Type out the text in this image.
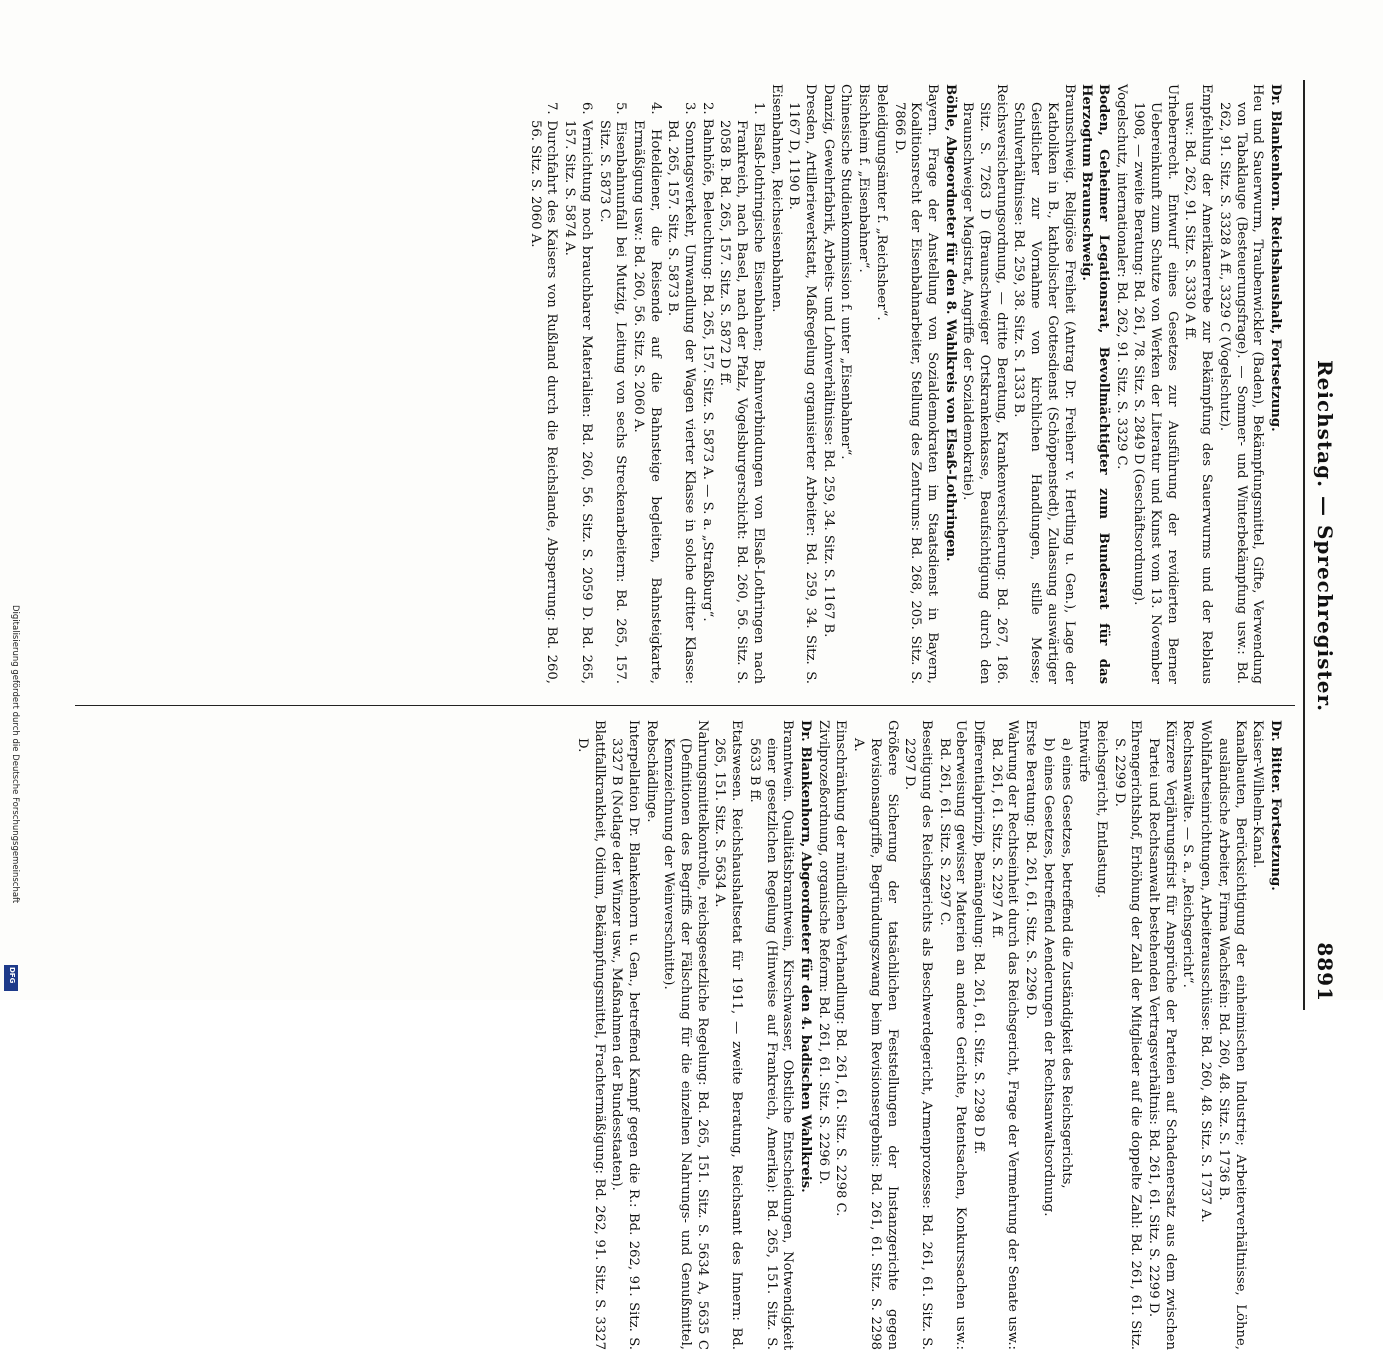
Reichstag. — Sprechregister.
8891
Dr. Blankenhorn. Reichshaushalt, Fortsetzung.
Heu und Sauerwurm, Traubenwickler (Baden), Bekämpfungsmittel, Gifte, Verwendung von Tabaklauge (Besteuerungsfrage). — Sommer- und Winterbekämpfung usw.: Bd. 262, 91. Sitz. S. 3328 A ff., 3329 C (Vogelschutz).
Empfehlung der Amerikanerrebe zur Bekämpfung des Sauerwurms und der Reblaus usw.: Bd. 262, 91. Sitz. S. 3330 A ff.
Urheberrecht. Entwurf eines Gesetzes zur Ausführung der revidierten Berner Uebereinkunft zum Schutze von Werken der Literatur und Kunst vom 13. November 1908, — zweite Beratung: Bd. 261, 78. Sitz. S. 2849 D (Geschäftsordnung).
Vogelschutz, internationaler: Bd. 262, 91. Sitz. S. 3329 C.
Boden, Geheimer Legationsrat, Bevollmächtigter zum Bundesrat für das Herzogtum Braunschweig.
Braunschweig. Religiöse Freiheit (Antrag Dr. Freiherr v. Hertling u. Gen.), Lage der Katholiken in B., katholischer Gottesdienst (Schöppenstedt), Zulassung auswärtiger Geistlicher zur Vornahme von kirchlichen Handlungen, stille Messe; Schulverhältnisse: Bd. 259, 38. Sitz. S. 1333 B.
Reichsversicherungsordnung, — dritte Beratung, Krankenversicherung: Bd. 267, 186. Sitz. S. 7263 D (Braunschweiger Ortskrankenkasse, Beaufsichtigung durch den Braunschweiger Magistrat, Angriffe der Sozialdemokratie).
Böhle, Abgeordneter für den 8. Wahlkreis von Elsaß-Lothringen.
Bayern. Frage der Anstellung von Sozialdemokraten im Staatsdienst in Bayern, Koalitionsrecht der Eisenbahnarbeiter, Stellung des Zentrums: Bd. 268, 205. Sitz. S. 7866 D.
Beleidigungsämter f. „Reichsheer“.
Bischheim f. „Eisenbahner“.
Chinesische Studienkommission f. unter „Eisenbahner“.
Danzig, Gewehrfabrik, Arbeits- und Lohnverhältnisse: Bd. 259, 34. Sitz. S. 1167 B.
Dresden, Artilleriewerkstatt, Maßregelung organisierter Arbeiter: Bd. 259, 34. Sitz. S. 1167 D, 1190 B.
Eisenbahnen, Reichseisenbahnen.
1. Elsaß-lothringische Eisenbahnen; Bahnverbindungen von Elsaß-Lothringen nach Frankreich, nach Basel, nach der Pfalz, Vogelsburgerschicht: Bd. 260, 56. Sitz. S. 2058 B. Bd. 265, 157. Sitz. S. 5872 D ff.
2. Bahnhöfe, Beleuchtung: Bd. 265, 157. Sitz. S. 5873 A. — S. a. „Straßburg“.
3. Sonntagsverkehr, Umwandlung der Wagen vierter Klasse in solche dritter Klasse: Bd. 265, 157. Sitz. S. 5873 B.
4. Hoteldiener, die Reisende auf die Bahnsteige begleiten, Bahnsteigkarte, Ermäßigung usw.: Bd. 260, 56. Sitz. S. 2060 A.
5. Eisenbahnunfall bei Mutzig, Leitung von sechs Streckenarbeitern: Bd. 265, 157. Sitz. S. 5873 C.
6. Vernichtung noch brauchbarer Materialien: Bd. 260, 56. Sitz. S. 2059 D. Bd. 265, 157. Sitz. S. 5874 A.
7. Durchfahrt des Kaisers von Rußland durch die Reichslande, Absperrung: Bd. 260, 56. Sitz. S. 2060 A.
Dr. Bitter. Fortsetzung.
Kaiser-Wilhelm-Kanal.
Kanalbauten, Berücksichtigung der einheimischen Industrie; Arbeiterverhältnisse, Löhne, ausländische Arbeiter, Firma Wachsfein: Bd. 260, 48. Sitz. S. 1736 B.
Wohlfahrtseinrichtungen, Arbeiterausschüsse: Bd. 260, 48. Sitz. S. 1737 A.
Rechtsanwälte. — S. a. „Reichsgericht“.
Kürzere Verjährungsfrist für Ansprüche der Parteien auf Schadenersatz aus dem zwischen Partei und Rechtsanwalt bestehenden Vertragsverhältnis: Bd. 261, 61. Sitz. S. 2299 D.
Ehrengerichtshof, Erhöhung der Zahl der Mitglieder auf die doppelte Zahl: Bd. 261, 61. Sitz. S. 2299 D.
Reichsgericht, Entlastung.
Entwürfe
a) eines Gesetzes, betreffend die Zuständigkeit des Reichsgerichts,
b) eines Gesetzes, betreffend Aenderungen der Rechtsanwaltsordnung.
Erste Beratung: Bd. 261, 61. Sitz. S. 2296 D.
Wahrung der Rechtseinheit durch das Reichsgericht, Frage der Vermehrung der Senate usw.: Bd. 261, 61. Sitz. S. 2297 A ff.
Differentialprinzip, Bemängelung: Bd. 261, 61. Sitz. S. 2298 D ff.
Ueberweisung gewisser Materien an andere Gerichte, Patentsachen, Konkurssachen usw.: Bd. 261, 61. Sitz. S. 2297 C.
Beseitigung des Reichsgerichts als Beschwerdegericht, Armenprozesse: Bd. 261, 61. Sitz. S. 2297 D.
Größere Sicherung der tatsächlichen Feststellungen der Instanzgerichte gegen Revisionsangriffe, Begründungszwang beim Revisionsergebnis: Bd. 261, 61. Sitz. S. 2298 A.
Einschränkung der mündlichen Verhandlung: Bd. 261, 61. Sitz. S. 2298 C.
Zivilprozeßordnung, organische Reform: Bd. 261, 61. Sitz. S. 2296 D.
Dr. Blankenhorn, Abgeordneter für den 4. badischen Wahlkreis.
Branntwein. Qualitätsbranntwein, Kirschwasser, Obstliche Entscheidungen, Notwendigkeit einer gesetzlichen Regelung (Hinweise auf Frankreich, Amerika): Bd. 265, 151. Sitz. S. 5633 B ff.
Etatswesen. Reichshaushaltsetat für 1911, — zweite Beratung, Reichsamt des Innern: Bd. 265, 151. Sitz. S. 5634 A.
Nahrungsmittelkontrolle, reichsgesetzliche Regelung: Bd. 265, 151. Sitz. S. 5634 A, 5635 C (Definitionen des Begriffs der Fälschung für die einzelnen Nahrungs- und Genußmittel, Kennzeichnung der Weinverschnitte).
Rebschädlinge.
Interpellation Dr. Blankenhorn u. Gen., betreffend Kampf gegen die R.: Bd. 262, 91. Sitz. S. 3327 B (Notlage der Winzer usw., Maßnahmen der Bundesstaaten).
Blattfallkrankheit, Oidium, Bekämpfungsmittel, Frachtermäßigung: Bd. 262, 91. Sitz. S. 3327 D.
Digitalisierung gefördert durch die Deutsche Forschungsgemeinschaft
DFG
